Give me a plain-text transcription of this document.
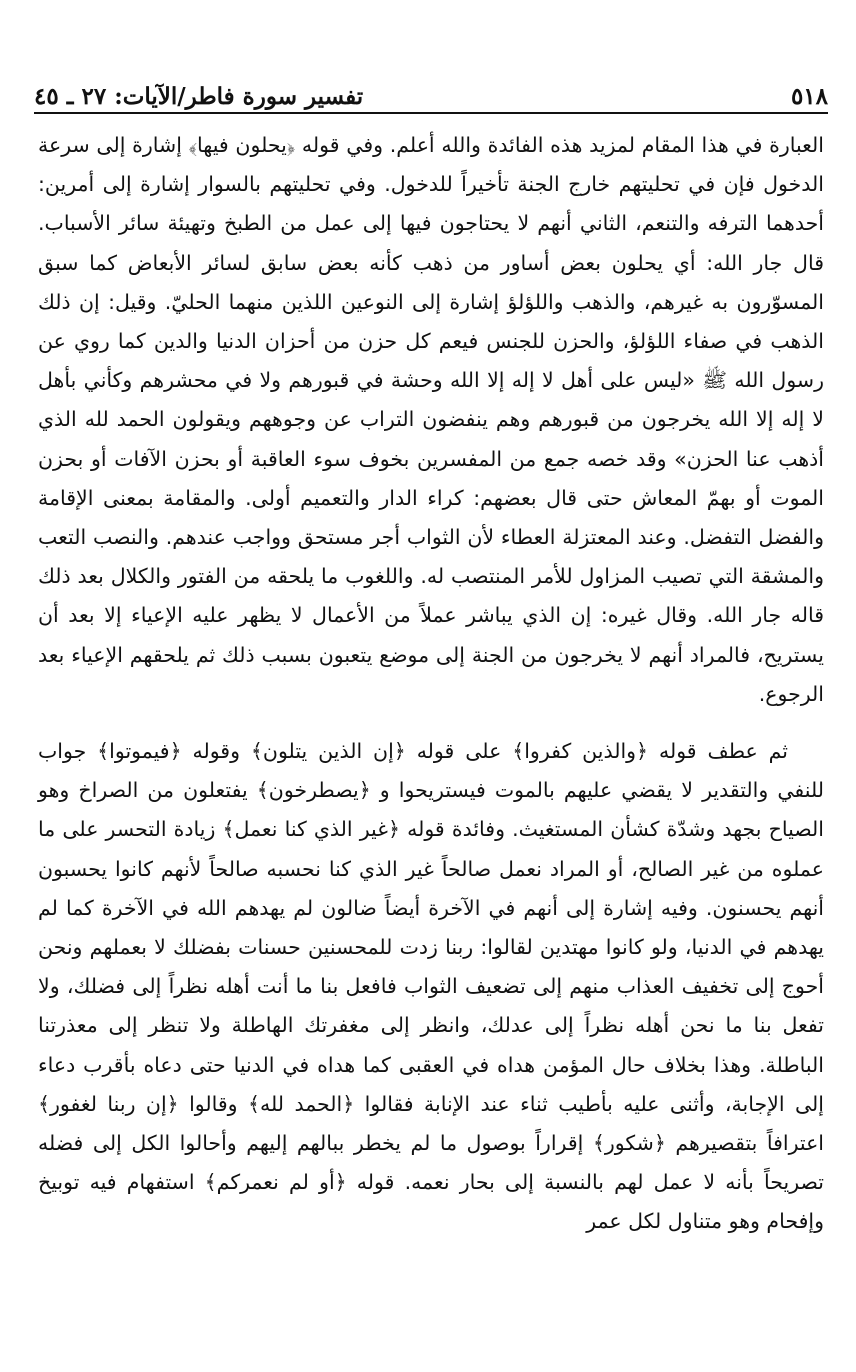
٥١٨
تفسير سورة فاطر/الآيات: ٢٧ ـ ٤٥

العبارة في هذا المقام لمزيد هذه الفائدة والله أعلم. وفي قوله ﴿يحلون فيها﴾ إشارة إلى سرعة الدخول فإن في تحليتهم خارج الجنة تأخيراً للدخول. وفي تحليتهم بالسوار إشارة إلى أمرين: أحدهما الترفه والتنعم، الثاني أنهم لا يحتاجون فيها إلى عمل من الطبخ وتهيئة سائر الأسباب. قال جار الله: أي يحلون بعض أساور من ذهب كأنه بعض سابق لسائر الأبعاض كما سبق المسوّرون به غيرهم، والذهب واللؤلؤ إشارة إلى النوعين اللذين منهما الحليّ. وقيل: إن ذلك الذهب في صفاء اللؤلؤ، والحزن للجنس فيعم كل حزن من أحزان الدنيا والدين كما روي عن رسول الله ﷺ «ليس على أهل لا إله إلا الله وحشة في قبورهم ولا في محشرهم وكأني بأهل لا إله إلا الله يخرجون من قبورهم وهم ينفضون التراب عن وجوههم ويقولون الحمد لله الذي أذهب عنا الحزن» وقد خصه جمع من المفسرين بخوف سوء العاقبة أو بحزن الآفات أو بحزن الموت أو بهمّ المعاش حتى قال بعضهم: كراء الدار والتعميم أولى. والمقامة بمعنى الإقامة والفضل التفضل. وعند المعتزلة العطاء لأن الثواب أجر مستحق وواجب عندهم. والنصب التعب والمشقة التي تصيب المزاول للأمر المنتصب له. واللغوب ما يلحقه من الفتور والكلال بعد ذلك قاله جار الله. وقال غيره: إن الذي يباشر عملاً من الأعمال لا يظهر عليه الإعياء إلا بعد أن يستريح، فالمراد أنهم لا يخرجون من الجنة إلى موضع يتعبون بسبب ذلك ثم يلحقهم الإعياء بعد الرجوع.

ثم عطف قوله ﴿والذين كفروا﴾ على قوله ﴿إن الذين يتلون﴾ وقوله ﴿فيموتوا﴾ جواب للنفي والتقدير لا يقضي عليهم بالموت فيستريحوا و ﴿يصطرخون﴾ يفتعلون من الصراخ وهو الصياح بجهد وشدّة كشأن المستغيث. وفائدة قوله ﴿غير الذي كنا نعمل﴾ زيادة التحسر على ما عملوه من غير الصالح، أو المراد نعمل صالحاً غير الذي كنا نحسبه صالحاً لأنهم كانوا يحسبون أنهم يحسنون. وفيه إشارة إلى أنهم في الآخرة أيضاً ضالون لم يهدهم الله في الآخرة كما لم يهدهم في الدنيا، ولو كانوا مهتدين لقالوا: ربنا زدت للمحسنين حسنات بفضلك لا بعملهم ونحن أحوج إلى تخفيف العذاب منهم إلى تضعيف الثواب فافعل بنا ما أنت أهله نظراً إلى فضلك، ولا تفعل بنا ما نحن أهله نظراً إلى عدلك، وانظر إلى مغفرتك الهاطلة ولا تنظر إلى معذرتنا الباطلة. وهذا بخلاف حال المؤمن هداه في العقبى كما هداه في الدنيا حتى دعاه بأقرب دعاء إلى الإجابة، وأثنى عليه بأطيب ثناء عند الإنابة فقالوا ﴿الحمد لله﴾ وقالوا ﴿إن ربنا لغفور﴾ اعترافاً بتقصيرهم ﴿شكور﴾ إقراراً بوصول ما لم يخطر ببالهم إليهم وأحالوا الكل إلى فضله تصريحاً بأنه لا عمل لهم بالنسبة إلى بحار نعمه. قوله ﴿أو لم نعمركم﴾ استفهام فيه توبيخ وإفحام وهو متناول لكل عمر
